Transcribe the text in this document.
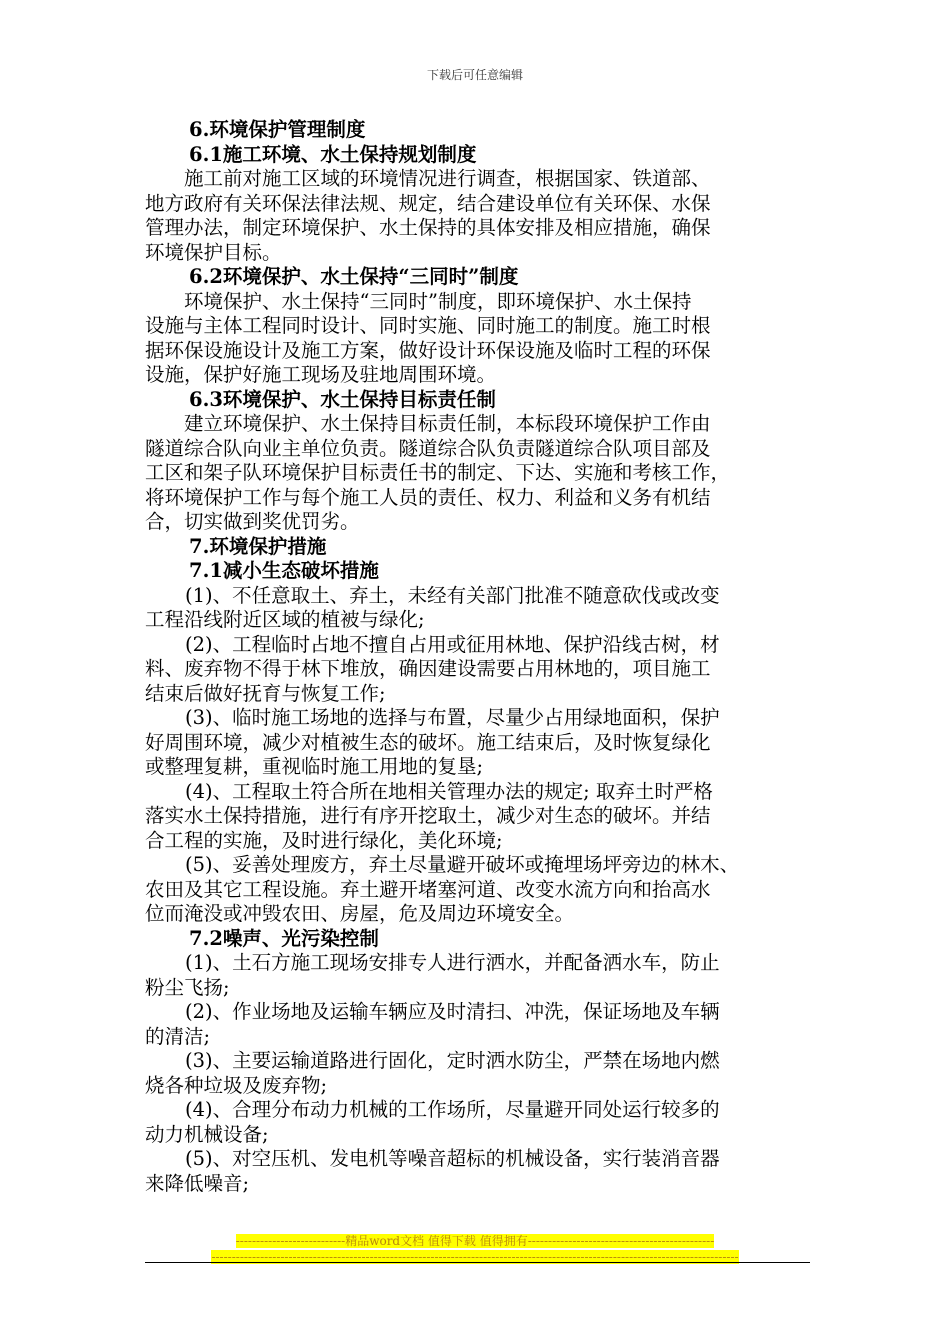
下载后可任意编辑
6.环境保护管理制度
6.1施工环境、水土保持规划制度
施工前对施工区域的环境情况进行调查，根据国家、铁道部、
地方政府有关环保法律法规、规定，结合建设单位有关环保、水保
管理办法，制定环境保护、水土保持的具体安排及相应措施，确保
环境保护目标。
6.2环境保护、水土保持“三同时”制度
环境保护、水土保持“三同时”制度，即环境保护、水土保持
设施与主体工程同时设计、同时实施、同时施工的制度。施工时根
据环保设施设计及施工方案，做好设计环保设施及临时工程的环保
设施，保护好施工现场及驻地周围环境。
6.3环境保护、水土保持目标责任制
建立环境保护、水土保持目标责任制，本标段环境保护工作由
隧道综合队向业主单位负责。隧道综合队负责隧道综合队项目部及
工区和架子队环境保护目标责任书的制定、下达、实施和考核工作，
将环境保护工作与每个施工人员的责任、权力、利益和义务有机结
合，切实做到奖优罚劣。
7.环境保护措施
7.1减小生态破坏措施
(1)、不任意取土、弃土，未经有关部门批准不随意砍伐或改变
工程沿线附近区域的植被与绿化;
(2)、工程临时占地不擅自占用或征用林地、保护沿线古树，材
料、废弃物不得于林下堆放，确因建设需要占用林地的，项目施工
结束后做好抚育与恢复工作;
(3)、临时施工场地的选择与布置，尽量少占用绿地面积，保护
好周围环境，减少对植被生态的破坏。施工结束后，及时恢复绿化
或整理复耕，重视临时施工用地的复垦;
(4)、工程取土符合所在地相关管理办法的规定; 取弃土时严格
落实水土保持措施，进行有序开挖取土，减少对生态的破坏。并结
合工程的实施，及时进行绿化，美化环境;
(5)、妥善处理废方，弃土尽量避开破坏或掩埋场坪旁边的林木、
农田及其它工程设施。弃土避开堵塞河道、改变水流方向和抬高水
位而淹没或冲毁农田、房屋，危及周边环境安全。
7.2噪声、光污染控制
(1)、土石方施工现场安排专人进行洒水，并配备洒水车，防止
粉尘飞扬;
(2)、作业场地及运输车辆应及时清扫、冲洗，保证场地及车辆
的清洁;
(3)、主要运输道路进行固化，定时洒水防尘，严禁在场地内燃
烧各种垃圾及废弃物;
(4)、合理分布动力机械的工作场所，尽量避开同处运行较多的
动力机械设备;
(5)、对空压机、发电机等噪音超标的机械设备，实行装消音器
来降低噪音;
---------------------------精品word文档 值得下载 值得拥有----------------------------------------------
----------------------------------------------------------------------------------------------------------------------------------
